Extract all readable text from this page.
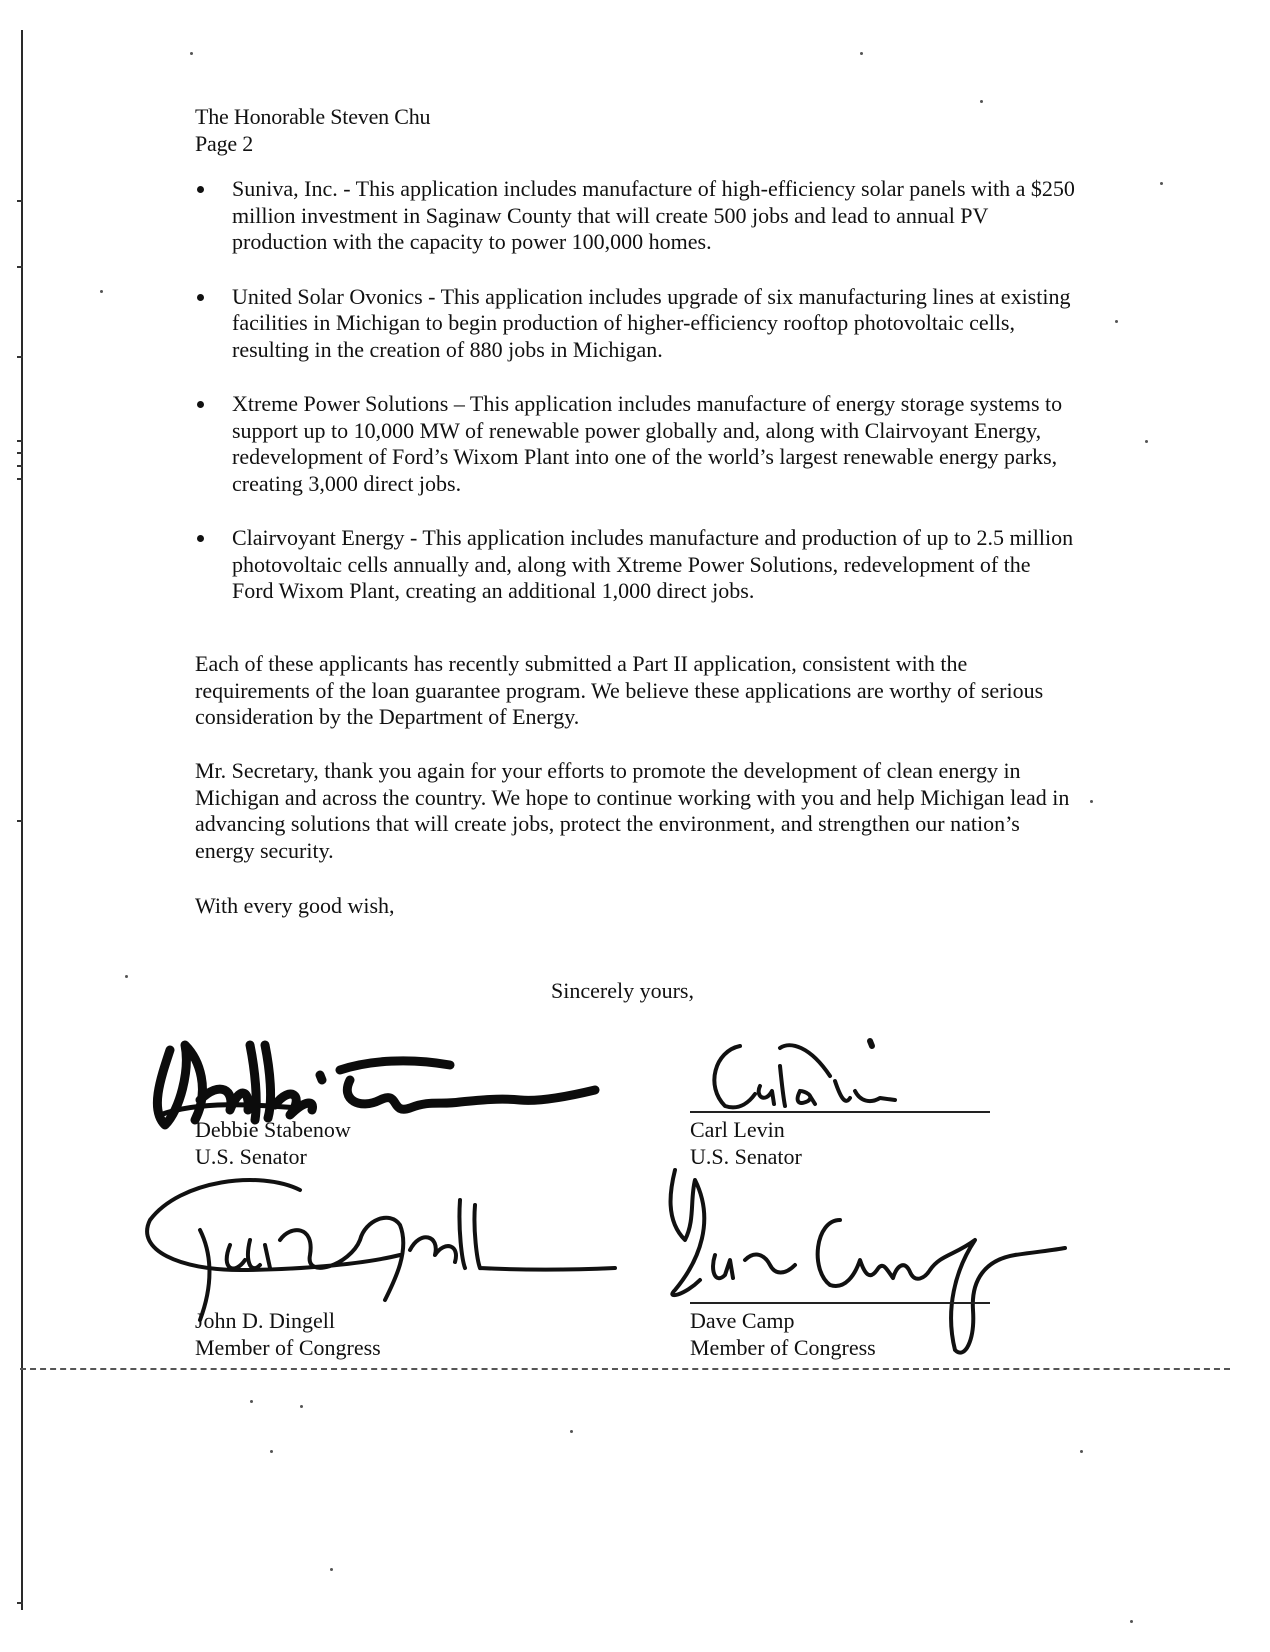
The Honorable Steven Chu
Page 2

Suniva, Inc. - This application includes manufacture of high-efficiency solar panels with a $250 million investment in Saginaw County that will create 500 jobs and lead to annual PV production with the capacity to power 100,000 homes.

United Solar Ovonics - This application includes upgrade of six manufacturing lines at existing facilities in Michigan to begin production of higher-efficiency rooftop photovoltaic cells, resulting in the creation of 880 jobs in Michigan.

Xtreme Power Solutions – This application includes manufacture of energy storage systems to support up to 10,000 MW of renewable power globally and, along with Clairvoyant Energy, redevelopment of Ford’s Wixom Plant into one of the world’s largest renewable energy parks, creating 3,000 direct jobs.

Clairvoyant Energy - This application includes manufacture and production of up to 2.5 million photovoltaic cells annually and, along with Xtreme Power Solutions, redevelopment of the Ford Wixom Plant, creating an additional 1,000 direct jobs.

Each of these applicants has recently submitted a Part II application, consistent with the requirements of the loan guarantee program. We believe these applications are worthy of serious consideration by the Department of Energy.

Mr. Secretary, thank you again for your efforts to promote the development of clean energy in Michigan and across the country. We hope to continue working with you and help Michigan lead in advancing solutions that will create jobs, protect the environment, and strengthen our nation’s energy security.

With every good wish,

Sincerely yours,
Debbie Stabenow
U.S. Senator
Carl Levin
U.S. Senator
John D. Dingell
Member of Congress
Dave Camp
Member of Congress
